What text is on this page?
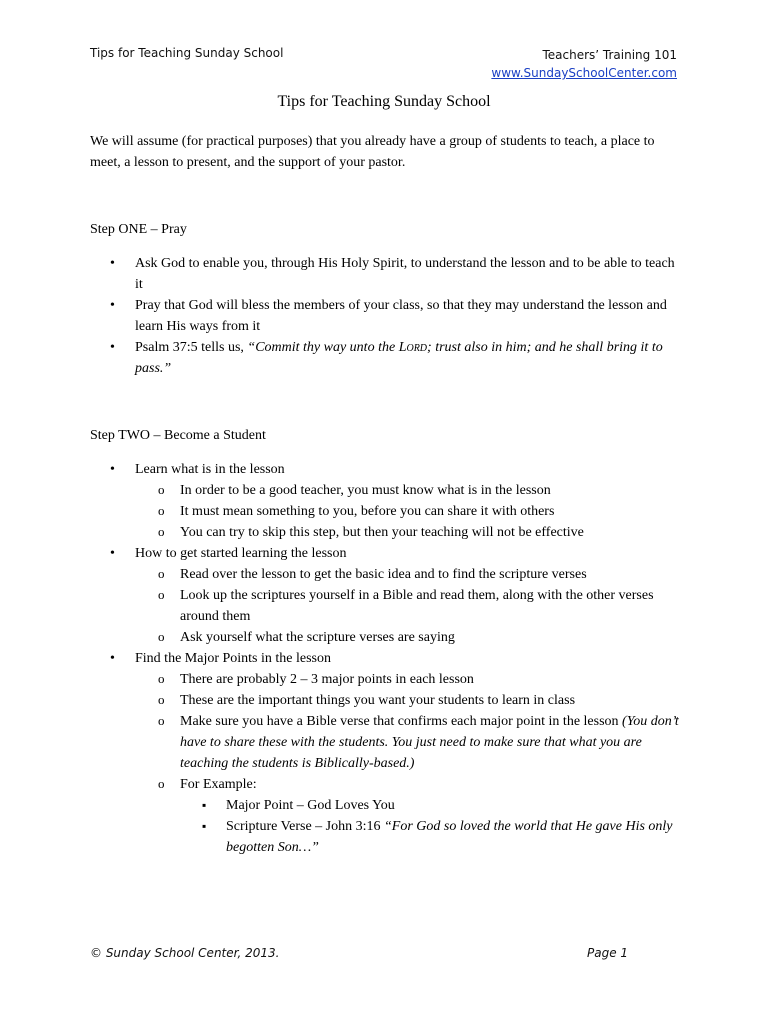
Tips for Teaching Sunday School	Teachers’ Training 101
www.SundaySchoolCenter.com
Tips for Teaching Sunday School
We will assume (for practical purposes) that you already have a group of students to teach, a place to meet, a lesson to present, and the support of your pastor.
Step ONE – Pray
• Ask God to enable you, through His Holy Spirit, to understand the lesson and to be able to teach it
• Pray that God will bless the members of your class, so that they may understand the lesson and learn His ways from it
• Psalm 37:5 tells us, “Commit thy way unto the Lord; trust also in him; and he shall bring it to pass.”
Step TWO – Become a Student
• Learn what is in the lesson
o In order to be a good teacher, you must know what is in the lesson
o It must mean something to you, before you can share it with others
o You can try to skip this step, but then your teaching will not be effective
• How to get started learning the lesson
o Read over the lesson to get the basic idea and to find the scripture verses
o Look up the scriptures yourself in a Bible and read them, along with the other verses around them
o Ask yourself what the scripture verses are saying
• Find the Major Points in the lesson
o There are probably 2 – 3 major points in each lesson
o These are the important things you want your students to learn in class
o Make sure you have a Bible verse that confirms each major point in the lesson (You don’t have to share these with the students. You just need to make sure that what you are teaching the students is Biblically-based.)
o For Example:
▪ Major Point – God Loves You
▪ Scripture Verse – John 3:16 “For God so loved the world that He gave His only begotten Son…”
© Sunday School Center, 2013.	Page 1
